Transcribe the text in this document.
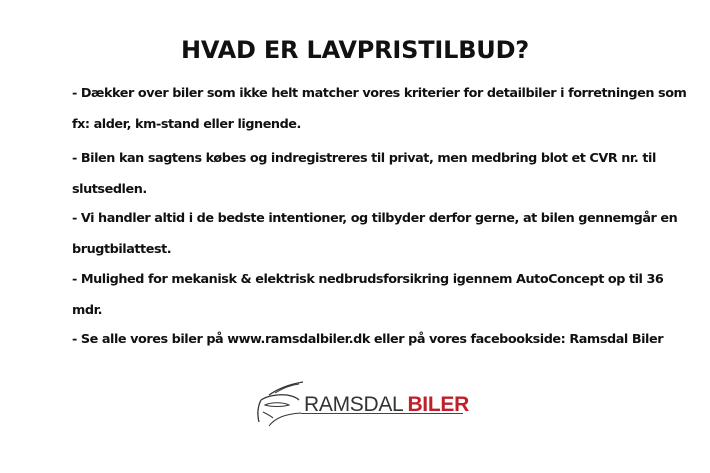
HVAD ER LAVPRISTILBUD?
- Dækker over biler som ikke helt matcher vores kriterier for detailbiler i forretningen som
fx: alder, km-stand eller lignende.
- Bilen kan sagtens købes og indregistreres til privat, men medbring blot et CVR nr. til
slutsedlen.
- Vi handler altid i de bedste intentioner, og tilbyder derfor gerne, at bilen gennemgår en
brugtbilattest.
- Mulighed for mekanisk & elektrisk nedbrudsforsikring igennem AutoConcept op til 36
mdr.
- Se alle vores biler på www.ramsdalbiler.dk eller på vores facebookside: Ramsdal Biler
RAMSDAL BILER
